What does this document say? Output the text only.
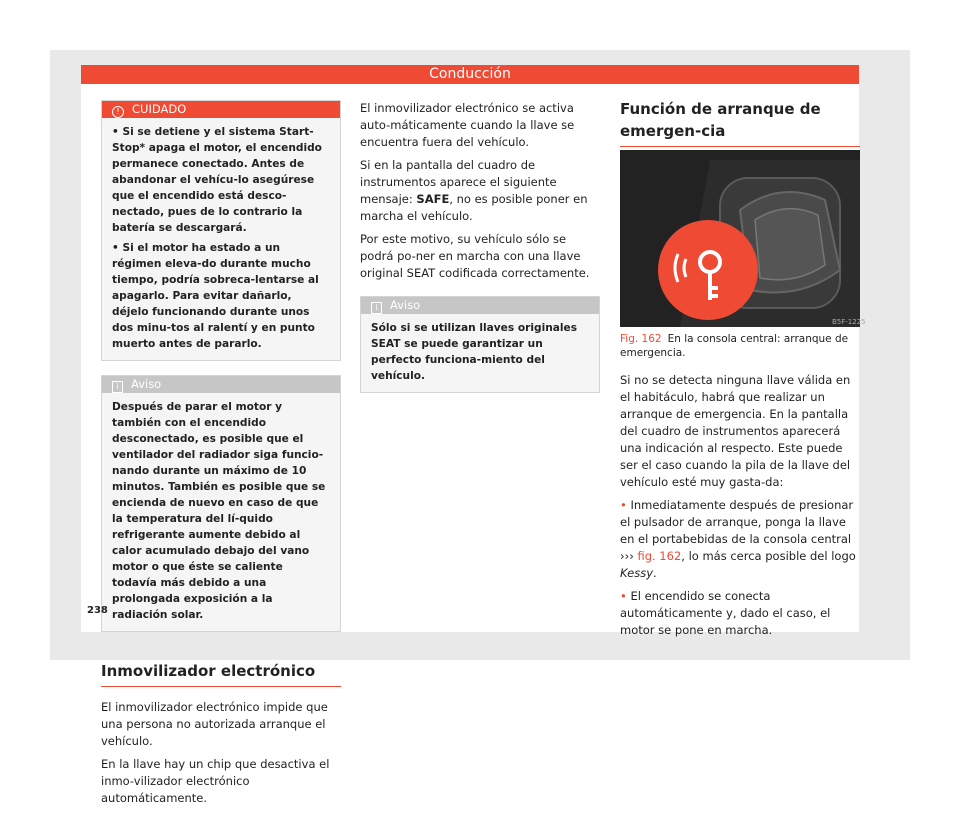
Conducción
! CUIDADO

• Si se detiene y el sistema Start-Stop* apaga el motor, el encendido permanece conectado. Antes de abandonar el vehícu-lo asegúrese que el encendido está desco-nectado, pues de lo contrario la batería se descargará.

• Si el motor ha estado a un régimen eleva-do durante mucho tiempo, podría sobreca-lentarse al apagarlo. Para evitar dañarlo, déjelo funcionando durante unos dos minu-tos al ralentí y en punto muerto antes de pararlo.

i Aviso

Después de parar el motor y también con el encendido desconectado, es posible que el ventilador del radiador siga funcio-nando durante un máximo de 10 minutos. También es posible que se encienda de nuevo en caso de que la temperatura del lí-quido refrigerante aumente debido al calor acumulado debajo del vano motor o que éste se caliente todavía más debido a una prolongada exposición a la radiación solar.

Inmovilizador electrónico

El inmovilizador electrónico impide que una persona no autorizada arranque el vehículo.

En la llave hay un chip que desactiva el inmo-vilizador electrónico automáticamente.

El inmovilizador electrónico se activa auto-máticamente cuando la llave se encuentra fuera del vehículo.

Si en la pantalla del cuadro de instrumentos aparece el siguiente mensaje: SAFE, no es posible poner en marcha el vehículo.

Por este motivo, su vehículo sólo se podrá po-ner en marcha con una llave original SEAT codificada correctamente.

i Aviso

Sólo si se utilizan llaves originales SEAT se puede garantizar un perfecto funciona-miento del vehículo.

Función de arranque de emergen-cia
K
B5F-1225
Fig. 162 En la consola central: arranque de emergencia.

Si no se detecta ninguna llave válida en el habitáculo, habrá que realizar un arranque de emergencia. En la pantalla del cuadro de instrumentos aparecerá una indicación al respecto. Este puede ser el caso cuando la pila de la llave del vehículo esté muy gasta-da:

• Inmediatamente después de presionar el pulsador de arranque, ponga la llave en el portabebidas de la consola central ››› fig. 162, lo más cerca posible del logo Kessy.

• El encendido se conecta automáticamente y, dado el caso, el motor se pone en marcha.

238
